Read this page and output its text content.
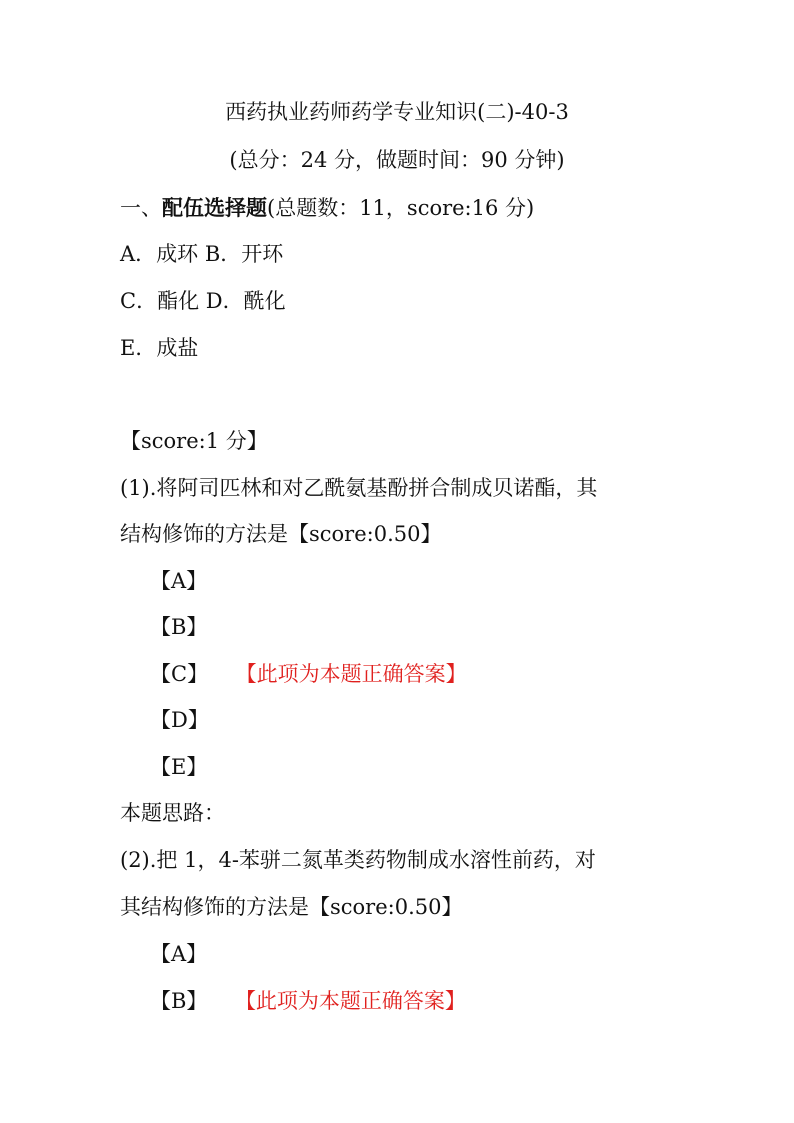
西药执业药师药学专业知识(二)-40-3
(总分：24 分，做题时间：90 分钟)
一、配伍选择题(总题数：11，score:16 分)
A．成环 B．开环
C．酯化 D．酰化
E．成盐
【score:1 分】
(1).将阿司匹林和对乙酰氨基酚拼合制成贝诺酯，其
结构修饰的方法是【score:0.50】
【A】
【B】
【C】 【此项为本题正确答案】
【D】
【E】
本题思路：
(2).把 1，4-苯骈二氮革类药物制成水溶性前药，对
其结构修饰的方法是【score:0.50】
【A】
【B】 【此项为本题正确答案】
